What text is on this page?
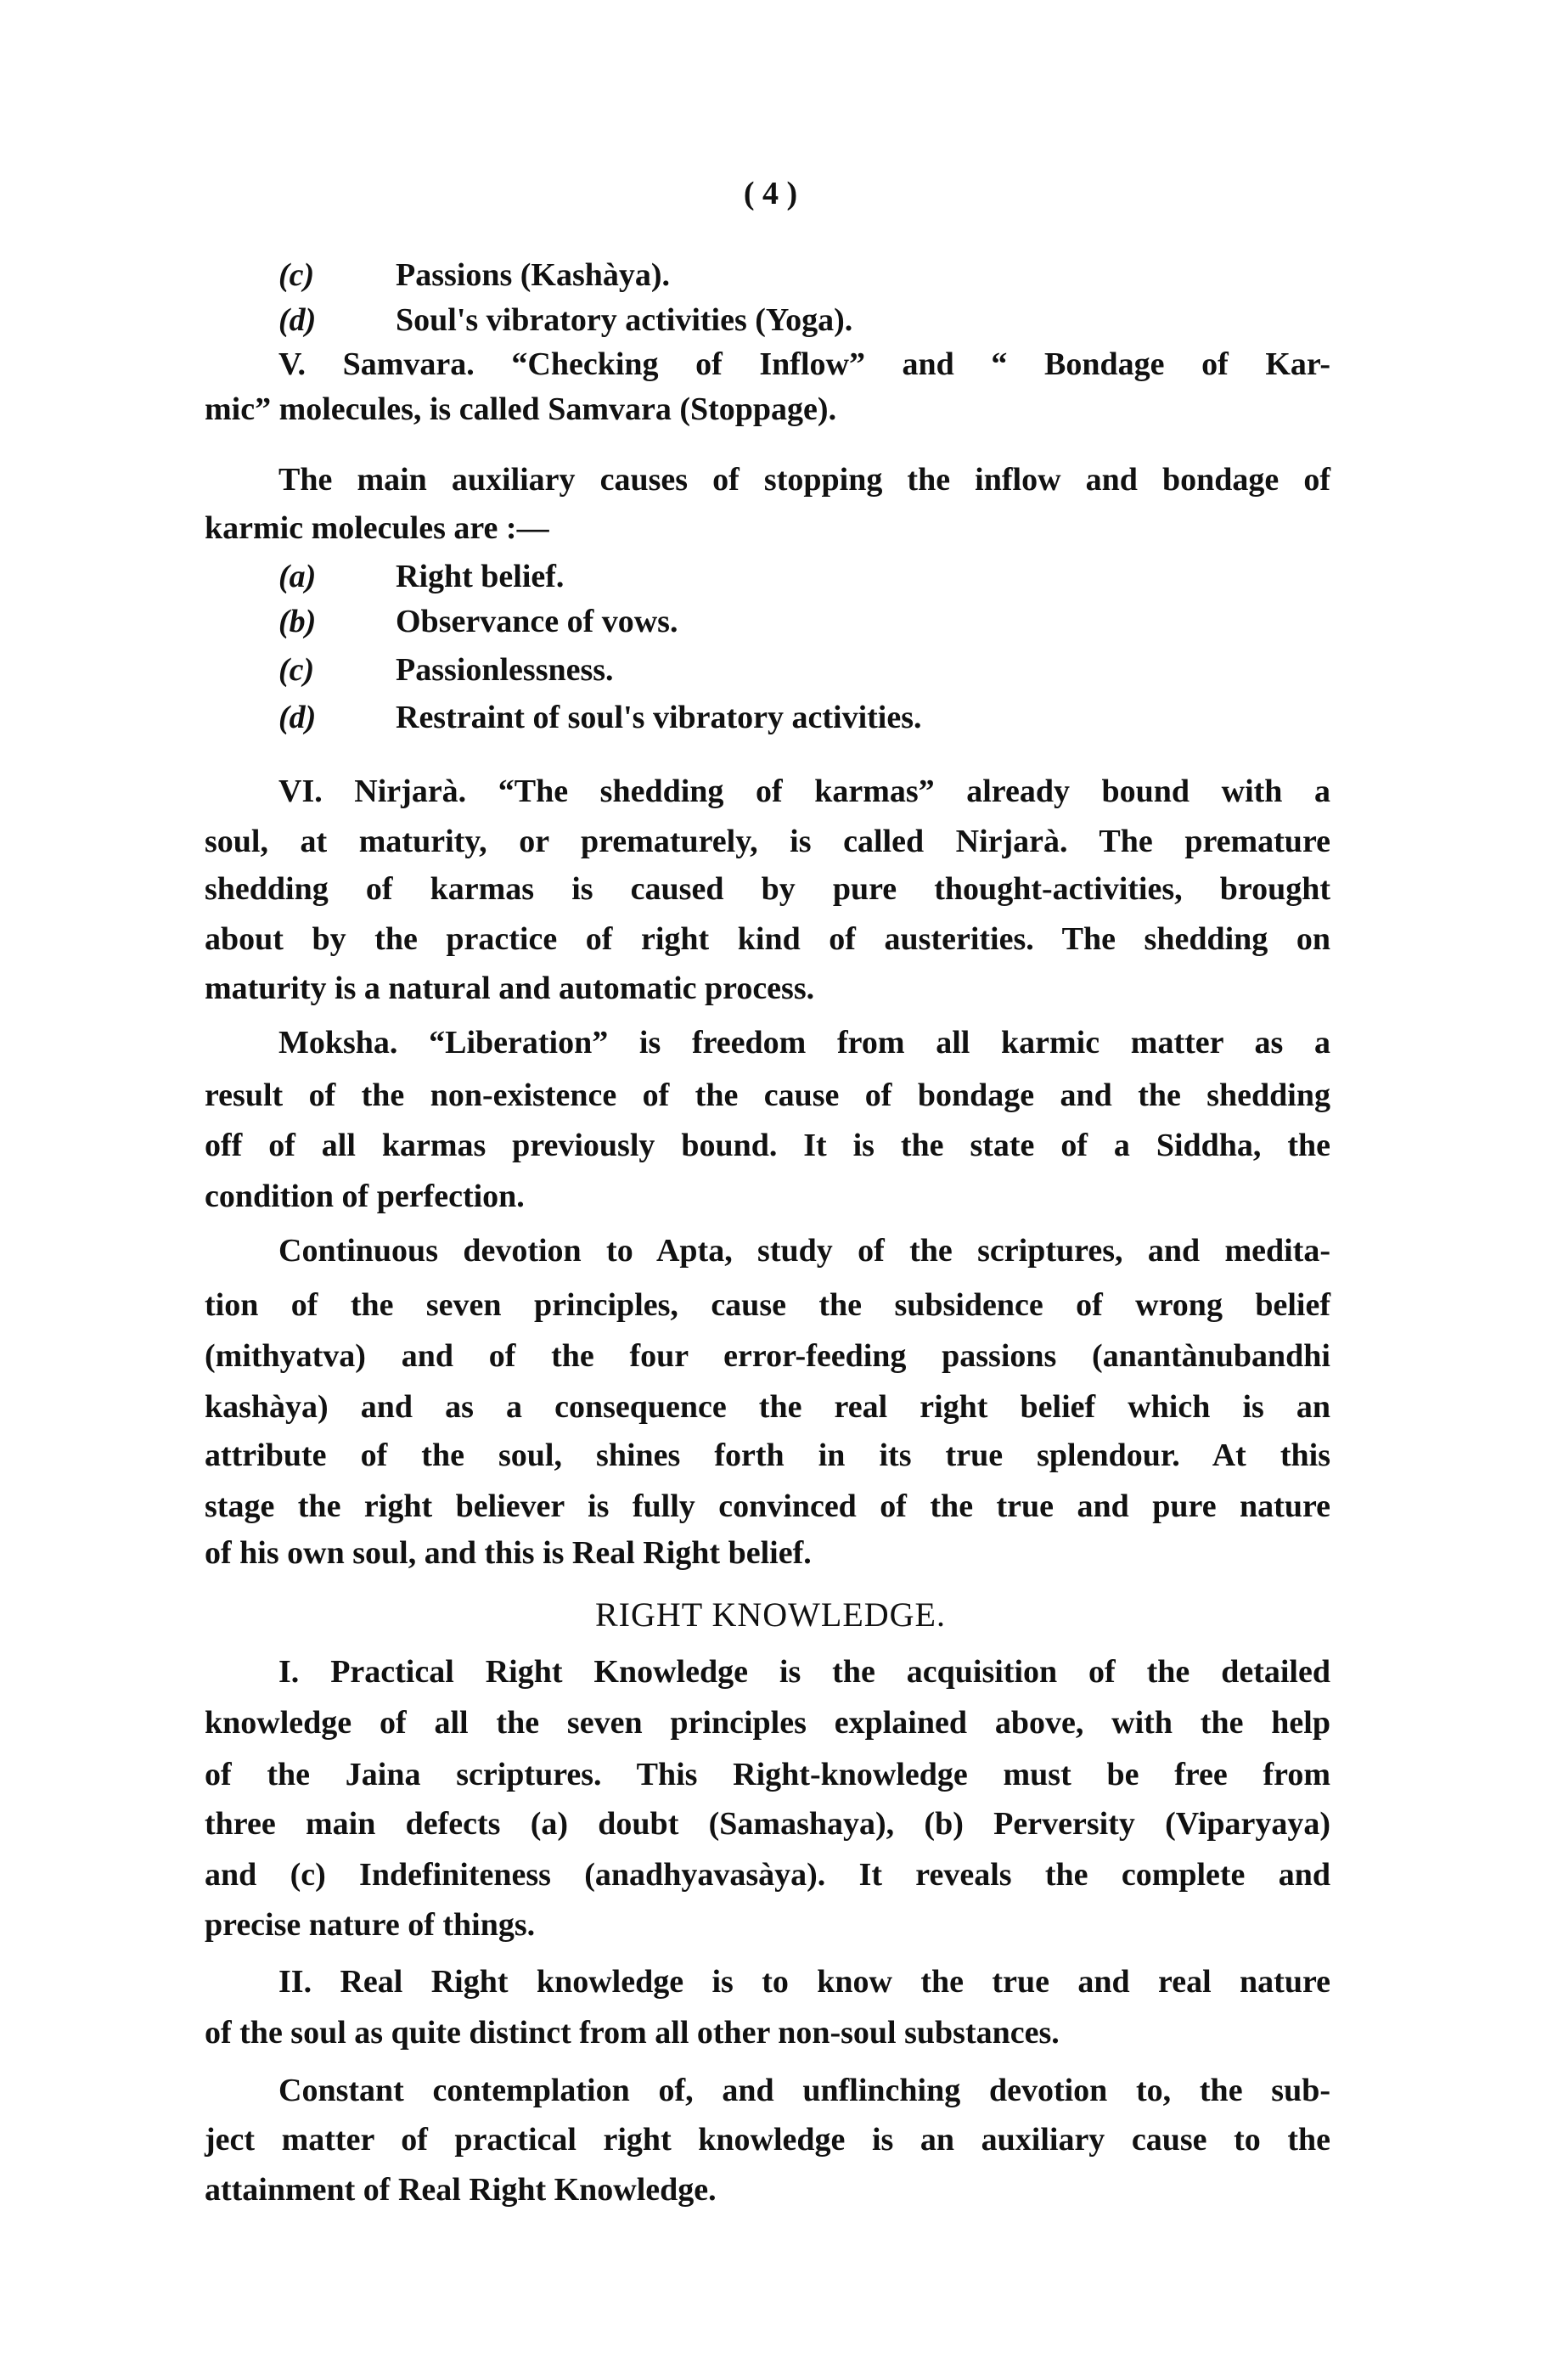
( 4 )
RIGHT KNOWLEDGE.
(c)	Passions (Kashàya).
(d) Soul's vibratory activities (Yoga).
V. Samvara. “Checking of Inflow” and “ Bondage of Kar-
mic” molecules, is called Samvara (Stoppage).
The main auxiliary causes of stopping the inflow and bondage of
karmic molecules are :—
(a) Right belief.
(b) Observance of vows.
(c)	Passionlessness.
(d) Restraint of soul's vibratory activities.
VI. Nirjarà. “The shedding of karmas” already bound with a
soul, at maturity, or prematurely, is called Nirjarà. The premature
shedding of karmas is caused by pure thought-activities, brought
about by the practice of right kind of austerities. The shedding on
maturity is a natural and automatic process.
Moksha. “Liberation” is freedom from all karmic matter as a
result of the non-existence of the cause of bondage and the shedding
off of all karmas previously bound. It is the state of a Siddha, the
condition of perfection.
Continuous devotion to Apta, study of the scriptures, and medita-
tion of the seven principles, cause the subsidence of wrong belief
(mithyatva) and of the four error-feeding passions (anantànubandhi
kashàya) and as a consequence the real right belief which is an
attribute of the soul, shines forth in its true splendour. At this
stage the right believer is fully convinced of the true and pure nature
of his own soul, and this is Real Right belief.
I. Practical Right Knowledge is the acquisition of the detailed
knowledge of all the seven principles explained above, with the help
of the Jaina scriptures. This Right-knowledge must be free from
three main defects (a) doubt (Samashaya), (b) Perversity (Viparyaya)
and (c) Indefiniteness (anadhyavasàya). It reveals the complete and
precise nature of things.
II. Real Right knowledge is to know the true and real nature
of the soul as quite distinct from all other non-soul substances.
Constant contemplation of, and unflinching devotion to, the sub-
ject matter of practical right knowledge is an auxiliary cause to the
attainment of Real Right Knowledge.
